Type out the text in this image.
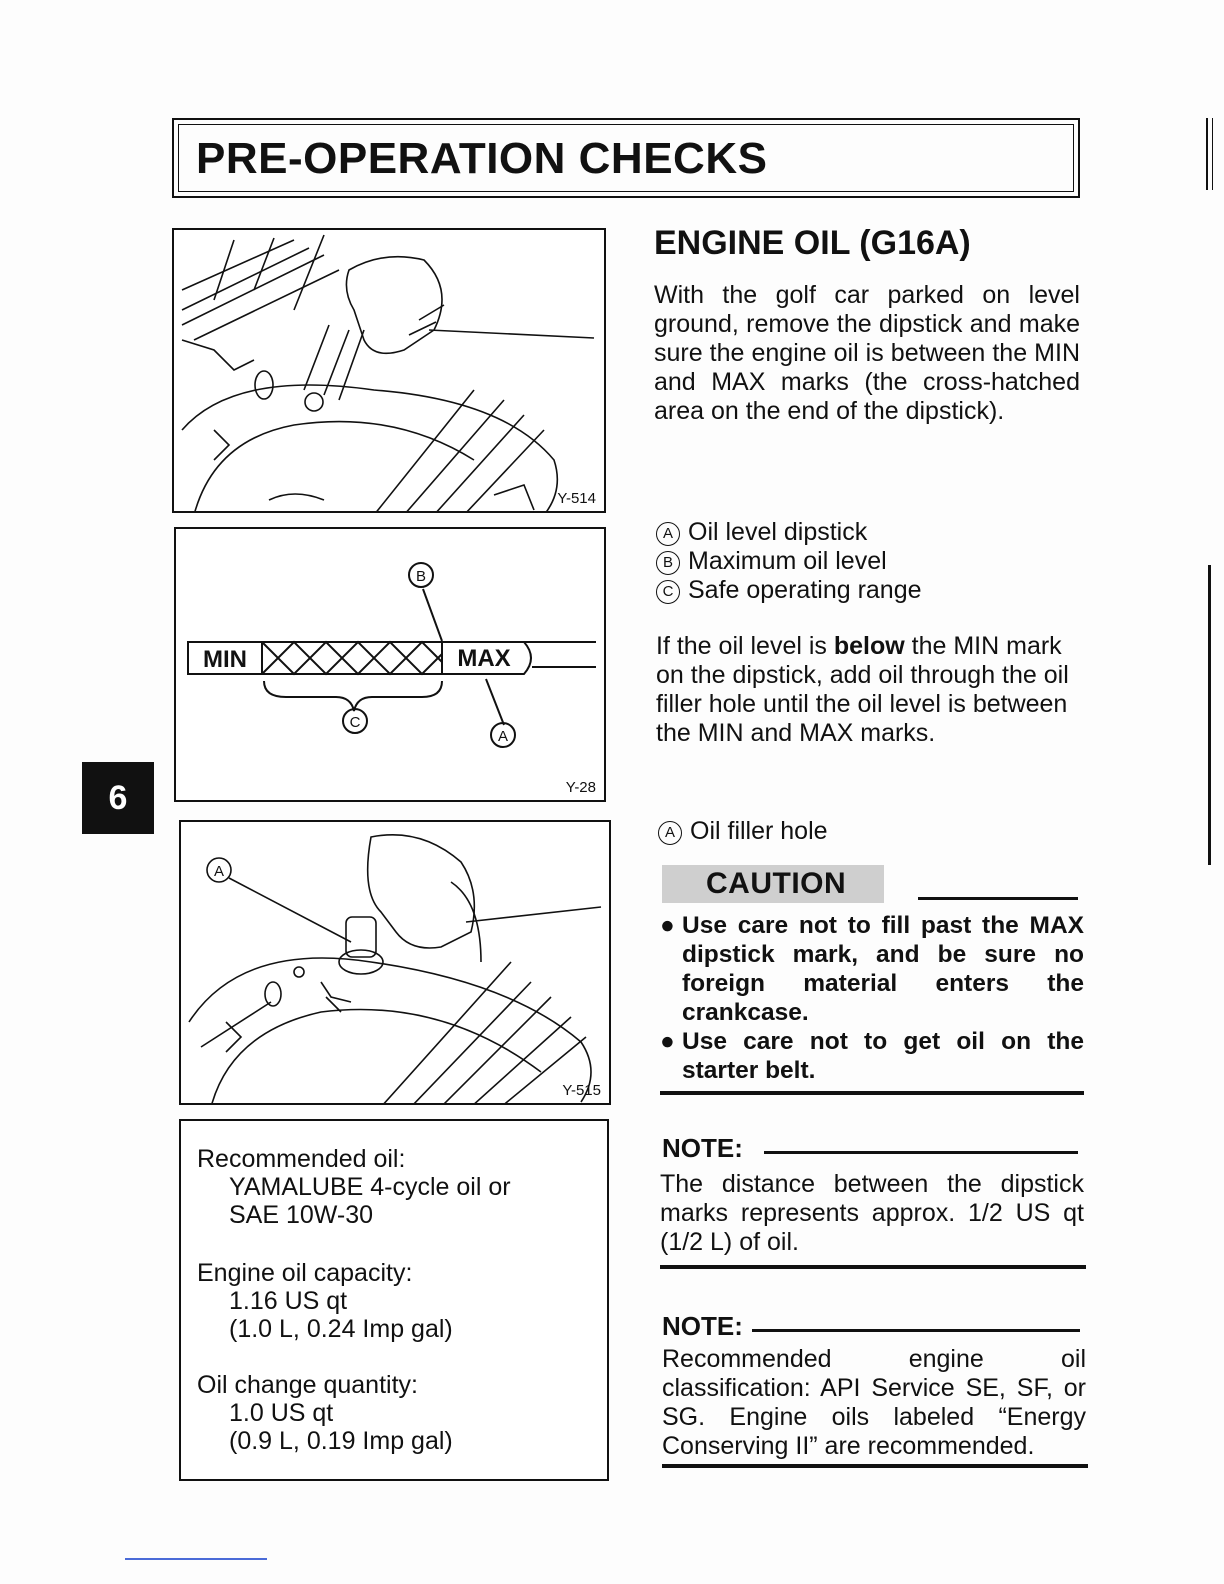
PRE-OPERATION CHECKS
6
Y-514
MIN	MAX
B
C
A
Y-28
A
Y-515
Recommended oil:
YAMALUBE 4-cycle oil or
SAE 10W-30
Engine oil capacity:
1.16 US qt
(1.0 L, 0.24 Imp gal)
Oil change quantity:
1.0 US qt
(0.9 L, 0.19 Imp gal)
ENGINE OIL (G16A)
With the golf car parked on level ground, remove the dipstick and make sure the engine oil is between the MIN and MAX marks (the cross-hatched area on the end of the dipstick).
A Oil level dipstick
B Maximum oil level
C Safe operating range
If the oil level is below the MIN mark on the dipstick, add oil through the oil filler hole until the oil level is between the MIN and MAX marks.
A Oil filler hole
CAUTION
● Use care not to fill past the MAX dipstick mark, and be sure no foreign material enters the crankcase.
● Use care not to get oil on the starter belt.
NOTE:
The distance between the dipstick marks represents approx. 1/2 US qt (1/2 L) of oil.
NOTE:
Recommended engine oil classification: API Service SE, SF, or SG. Engine oils labeled “Energy Conserving II” are recommended.
